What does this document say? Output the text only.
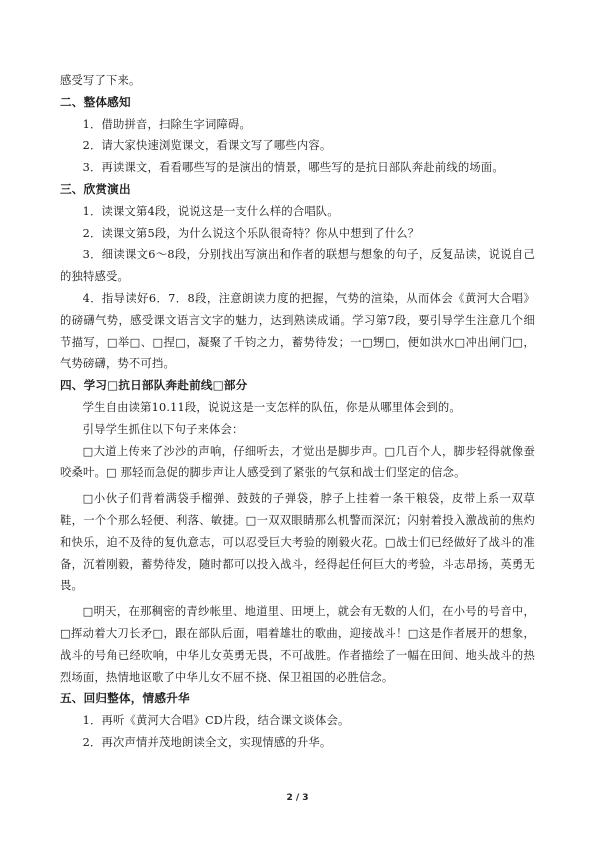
感受写了下来。

二、整体感知

1．借助拼音，扫除生字词障碍。

2．请大家快速浏览课文，看课文写了哪些内容。

3．再读课文，看看哪些写的是演出的情景，哪些写的是抗日部队奔赴前线的场面。

三、欣赏演出

1．读课文第4段，说说这是一支什么样的合唱队。

2．读课文第5段，为什么说这个乐队很奇特？你从中想到了什么？

3．细读课文6～8段，分别找出写演出和作者的联想与想象的句子，反复品读，说说自己的独特感受。

4．指导读好6．7．8段，注意朗读力度的把握，气势的渲染，从而体会《黄河大合唱》的磅礴气势，感受课文语言文字的魅力，达到熟读成诵。学习第7段，要引导学生注意几个细节描写，□举□、□捏□，凝聚了千钧之力，蓄势待发；一□甥□，便如洪水□冲出闸门□，气势磅礴，势不可挡。

四、学习□抗日部队奔赴前线□部分

学生自由读第10.11段，说说这是一支怎样的队伍，你是从哪里体会到的。

引导学生抓住以下句子来体会：

□大道上传来了沙沙的声响，仔细听去，才觉出是脚步声。□几百个人，脚步轻得就像蚕咬桑叶。□ 那轻而急促的脚步声让人感受到了紧张的气氛和战士们坚定的信念。

□小伙子们背着满袋手榴弹、鼓鼓的子弹袋，脖子上挂着一条干粮袋，皮带上系一双草鞋，一个个那么轻便、利落、敏捷。□一双双眼睛那么机警而深沉；闪射着投入激战前的焦灼和快乐，迫不及待的复仇意志，可以忍受巨大考验的刚毅火花。□战士们已经做好了战斗的准备，沉着刚毅，蓄势待发，随时都可以投入战斗，经得起任何巨大的考验，斗志昂扬，英勇无畏。

□明天，在那稠密的青纱帐里、地道里、田埂上，就会有无数的人们，在小号的号音中，□挥动着大刀长矛□，跟在部队后面，唱着雄壮的歌曲，迎接战斗！□这是作者展开的想象，战斗的号角已经吹响，中华儿女英勇无畏，不可战胜。作者描绘了一幅在田间、地头战斗的热烈场面，热情地讴歌了中华儿女不屈不挠、保卫祖国的必胜信念。

五、回归整体，情感升华

1．再听《黄河大合唱》CD片段，结合课文谈体会。

2．再次声情并茂地朗读全文，实现情感的升华。

2 / 3
